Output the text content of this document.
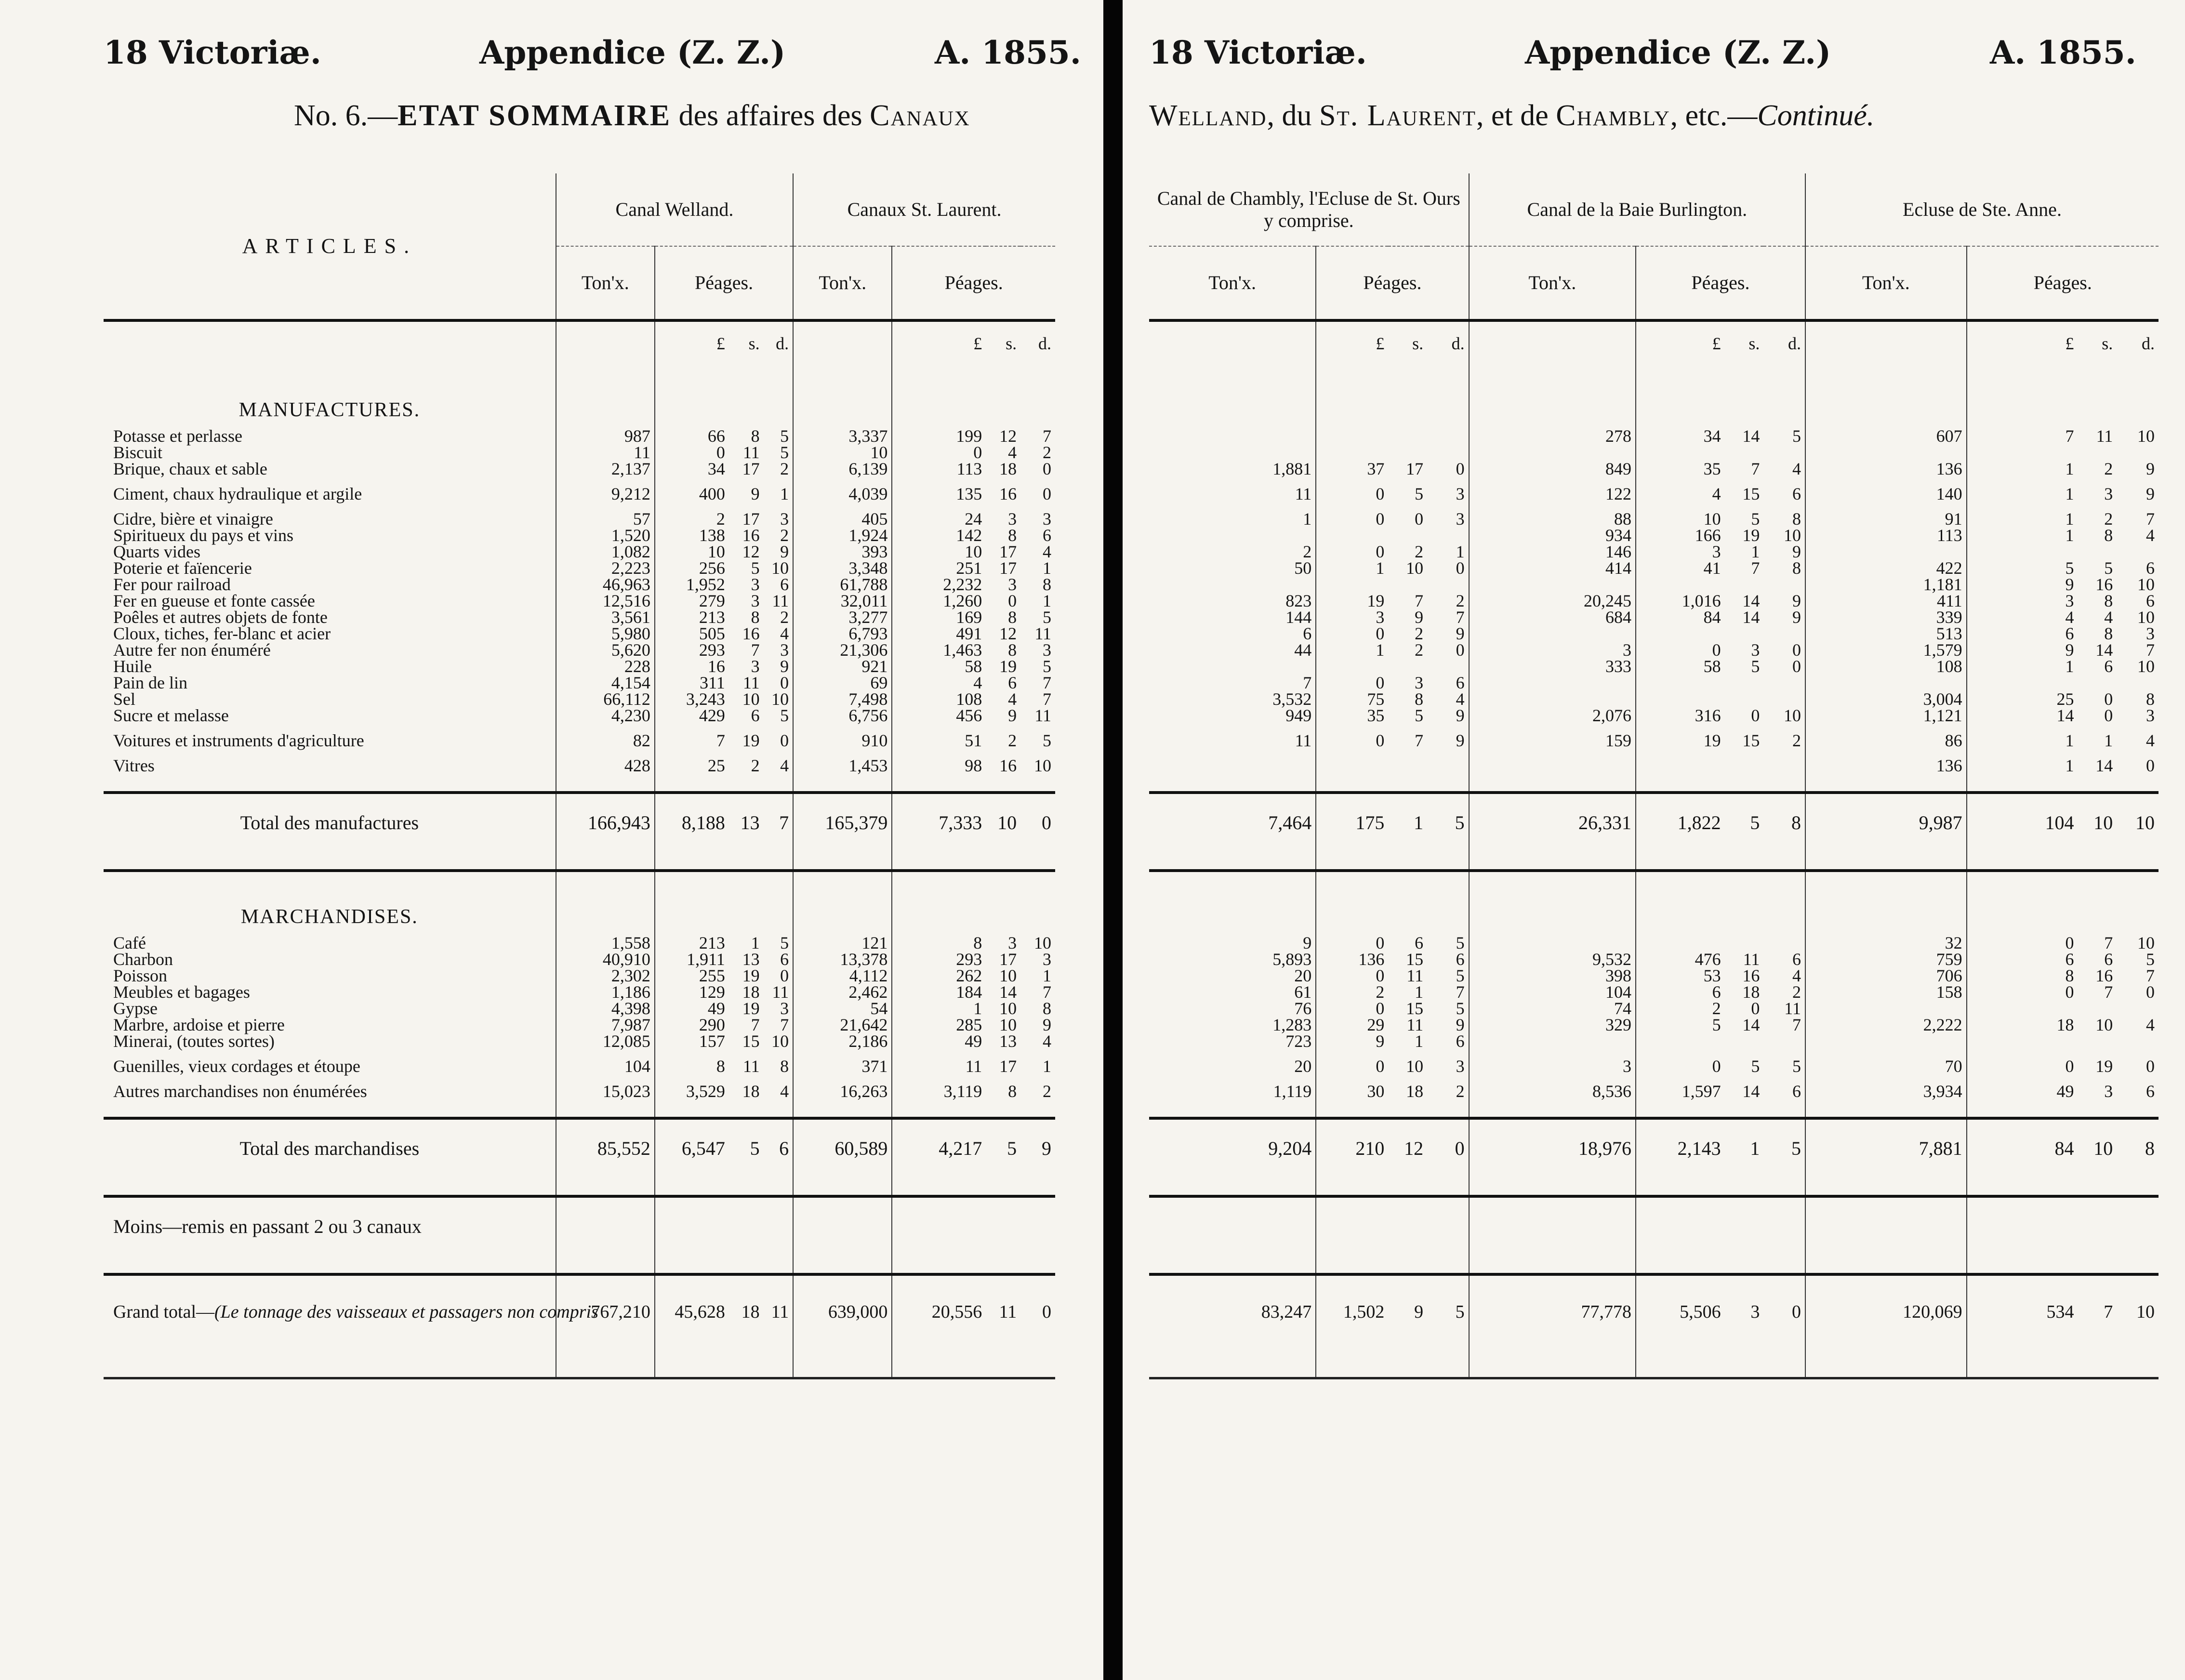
18 Victoriæ.	Appendice (Z. Z.)	A. 1855.
No. 6.—ETAT SOMMAIRE des affaires des Canaux
ARTICLES.	Canal Welland.				Canaux St. Laurent.			
	Ton'x.	Péages.			Ton'x.	Péages.		
		£	s.	d.		£	s.	d.
MANUFACTURES.								
Potasse et perlasse	987	66	8	5	3,337	199	12	7
Biscuit	11	0	11	5	10	0	4	2
Brique, chaux et sable	2,137	34	17	2	6,139	113	18	0
Ciment, chaux hydraulique et argile	9,212	400	9	1	4,039	135	16	0
Cidre, bière et vinaigre	57	2	17	3	405	24	3	3
Spiritueux du pays et vins	1,520	138	16	2	1,924	142	8	6
Quarts vides	1,082	10	12	9	393	10	17	4
Poterie et faïencerie	2,223	256	5	10	3,348	251	17	1
Fer pour railroad	46,963	1,952	3	6	61,788	2,232	3	8
Fer en gueuse et fonte cassée	12,516	279	3	11	32,011	1,260	0	1
Poêles et autres objets de fonte	3,561	213	8	2	3,277	169	8	5
Cloux, tiches, fer-blanc et acier	5,980	505	16	4	6,793	491	12	11
Autre fer non énuméré	5,620	293	7	3	21,306	1,463	8	3
Huile	228	16	3	9	921	58	19	5
Pain de lin	4,154	311	11	0	69	4	6	7
Sel	66,112	3,243	10	10	7,498	108	4	7
Sucre et melasse	4,230	429	6	5	6,756	456	9	11
Voitures et instruments d'agriculture	82	7	19	0	910	51	2	5
Vitres	428	25	2	4	1,453	98	16	10

Total des manufactures	166,943	8,188	13	7	165,379	7,333	10	0

MARCHANDISES.								
Café	1,558	213	1	5	121	8	3	10
Charbon	40,910	1,911	13	6	13,378	293	17	3
Poisson	2,302	255	19	0	4,112	262	10	1
Meubles et bagages	1,186	129	18	11	2,462	184	14	7
Gypse	4,398	49	19	3	54	1	10	8
Marbre, ardoise et pierre	7,987	290	7	7	21,642	285	10	9
Minerai, (toutes sortes)	12,085	157	15	10	2,186	49	13	4
Guenilles, vieux cordages et étoupe	104	8	11	8	371	11	17	1
Autres marchandises non énumérées	15,023	3,529	18	4	16,263	3,119	8	2

Total des marchandises	85,552	6,547	5	6	60,589	4,217	5	9

Moins—remis en passant 2 ou 3 canaux								

Grand total—(Le tonnage des vaisseaux et passagers non compris	767,210	45,628	18	11	639,000	20,556	11	0

18 Victoriæ.	Appendice (Z. Z.)	A. 1855.
Welland, du St. Laurent, et de Chambly, etc.—Continué.
Canal de Chambly, l'Ecluse de St. Ours y comprise.				Canal de la Baie Burlington.				Ecluse de Ste. Anne.			
Ton'x.	Péages.			Ton'x.	Péages.			Ton'x.	Péages.		
	£	s.	d.		£	s.	d.		£	s.	d.

				278	34	14	5	607	7	11	10

1,881	37	17	0	849	35	7	4	136	1	2	9
11	0	5	3	122	4	15	6	140	1	3	9
1	0	0	3	88	10	5	8	91	1	2	7
				934	166	19	10	113	1	8	4
2	0	2	1	146	3	1	9				
50	1	10	0	414	41	7	8	422	5	5	6
								1,181	9	16	10
823	19	7	2	20,245	1,016	14	9	411	3	8	6
144	3	9	7	684	84	14	9	339	4	4	10
6	0	2	9					513	6	8	3
44	1	2	0	3	0	3	0	1,579	9	14	7
				333	58	5	0	108	1	6	10
7	0	3	6								
3,532	75	8	4					3,004	25	0	8
949	35	5	9	2,076	316	0	10	1,121	14	0	3
11	0	7	9	159	19	15	2	86	1	1	4
								136	1	14	0

7,464	175	1	5	26,331	1,822	5	8	9,987	104	10	10

9	0	6	5					32	0	7	10
5,893	136	15	6	9,532	476	11	6	759	6	6	5
20	0	11	5	398	53	16	4	706	8	16	7
61	2	1	7	104	6	18	2	158	0	7	0
76	0	15	5	74	2	0	11				
1,283	29	11	9	329	5	14	7	2,222	18	10	4
723	9	1	6								
20	0	10	3	3	0	5	5	70	0	19	0
1,119	30	18	2	8,536	1,597	14	6	3,934	49	3	6

9,204	210	12	0	18,976	2,143	1	5	7,881	84	10	8

83,247	1,502	9	5	77,778	5,506	3	0	120,069	534	7	10
